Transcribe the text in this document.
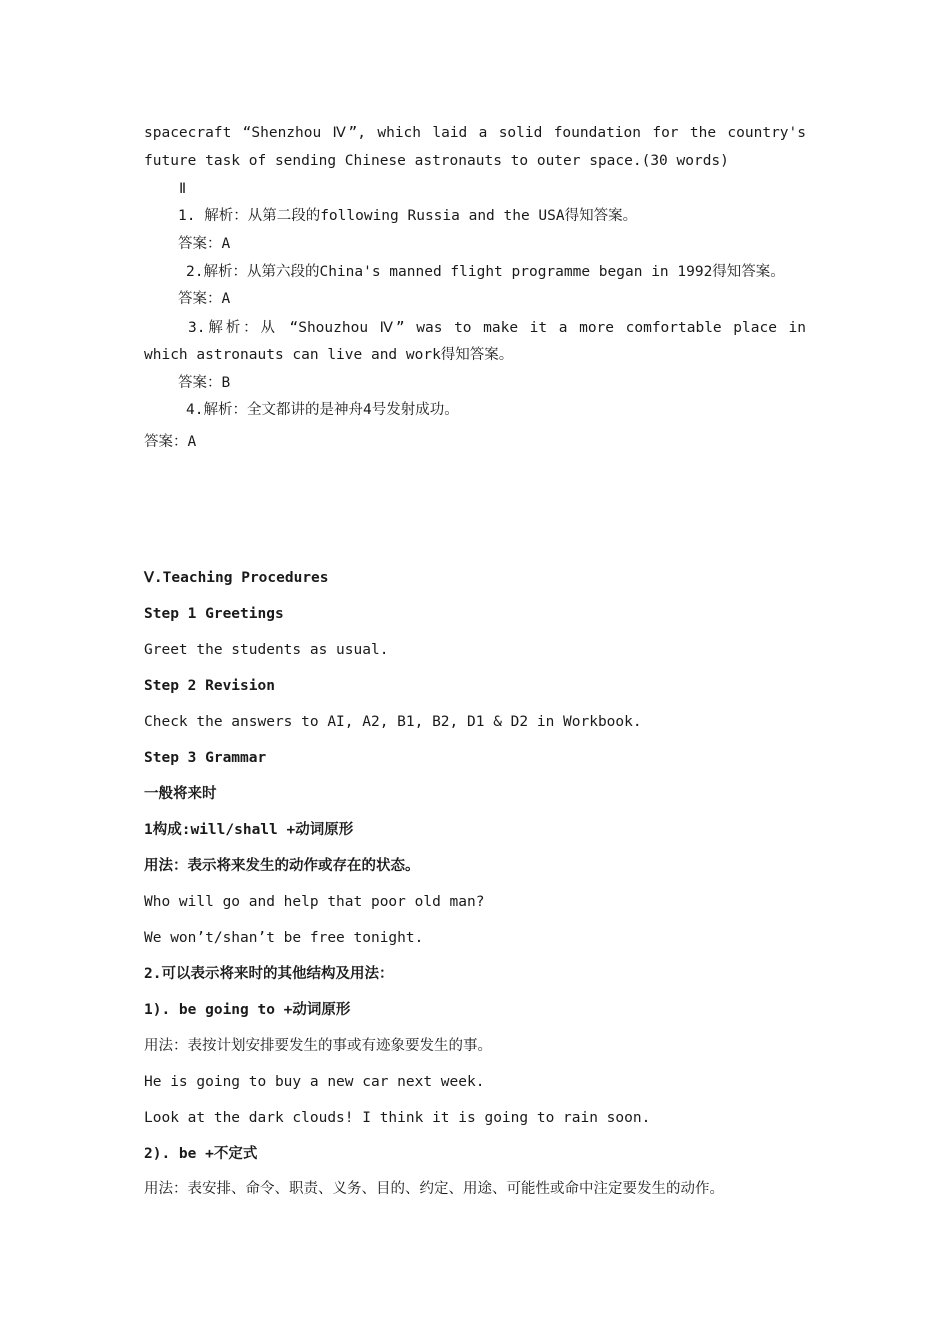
spacecraft “Shenzhou Ⅳ”, which laid a solid foundation for the country's
future task of sending Chinese astronauts to outer space.(30 words)
Ⅱ
1. 解析：从第二段的following Russia and the USA得知答案。
答案：A
2.解析：从第六段的China's manned flight programme began in 1992得知答案。
答案：A
3.解析：从 “Shouzhou Ⅳ” was to make it a more comfortable place in
which astronauts can live and work得知答案。
答案：B
4.解析：全文都讲的是神舟4号发射成功。
答案：A
Ⅴ.Teaching Procedures
Step 1 Greetings
Greet the students as usual.
Step 2 Revision
Check the answers to AI, A2, B1, B2, D1 & D2 in Workbook.
Step 3 Grammar
一般将来时
1构成:will/shall +动词原形
用法：表示将来发生的动作或存在的状态。
Who will go and help that poor old man?
We won’t/shan’t be free tonight.
2.可以表示将来时的其他结构及用法：
1). be going to +动词原形
用法：表按计划安排要发生的事或有迹象要发生的事。
He is going to buy a new car next week.
Look at the dark clouds! I think it is going to rain soon.
2). be +不定式
用法：表安排、命令、职责、义务、目的、约定、用途、可能性或命中注定要发生的动作。
